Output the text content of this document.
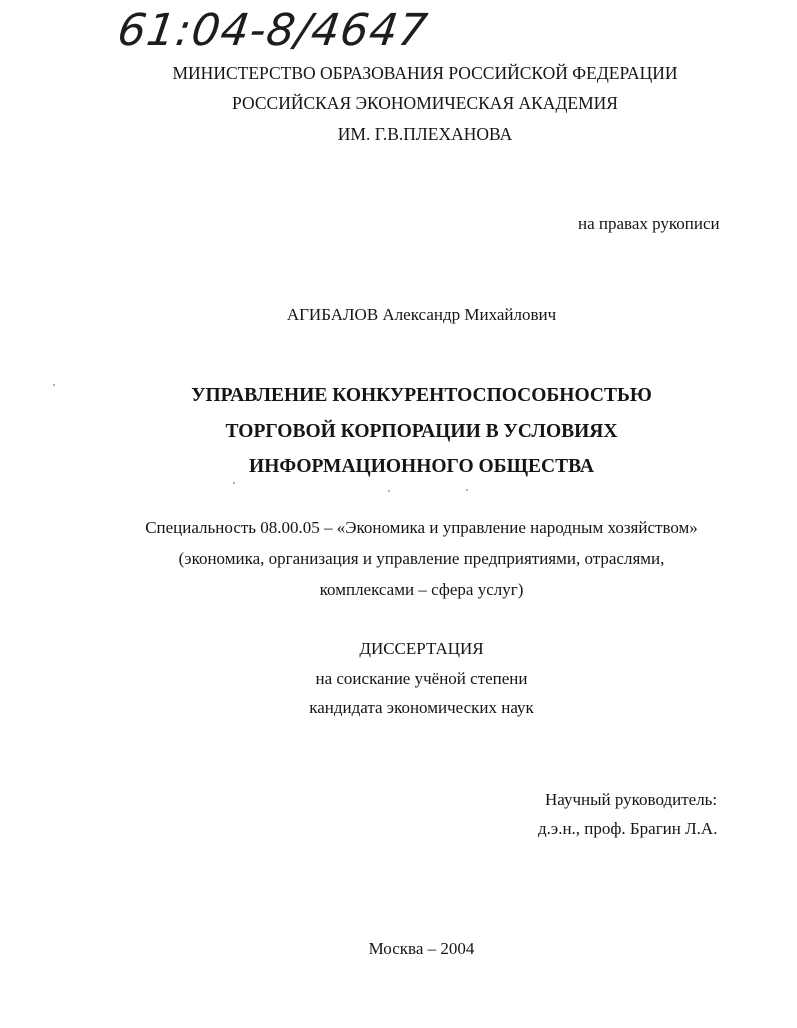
61:04-8/4647
МИНИСТЕРСТВО ОБРАЗОВАНИЯ РОССИЙСКОЙ ФЕДЕРАЦИИ
РОССИЙСКАЯ ЭКОНОМИЧЕСКАЯ АКАДЕМИЯ
ИМ. Г.В.ПЛЕХАНОВА
на правах рукописи
АГИБАЛОВ Александр Михайлович
УПРАВЛЕНИЕ КОНКУРЕНТОСПОСОБНОСТЬЮ
ТОРГОВОЙ КОРПОРАЦИИ В УСЛОВИЯХ
ИНФОРМАЦИОННОГО ОБЩЕСТВА
Специальность 08.00.05 – «Экономика и управление народным хозяйством»
(экономика, организация и управление предприятиями, отраслями,
комплексами – сфера услуг)
ДИССЕРТАЦИЯ
на соискание учёной степени
кандидата экономических наук
Научный руководитель:
д.э.н., проф. Брагин Л.А.
Москва – 2004
